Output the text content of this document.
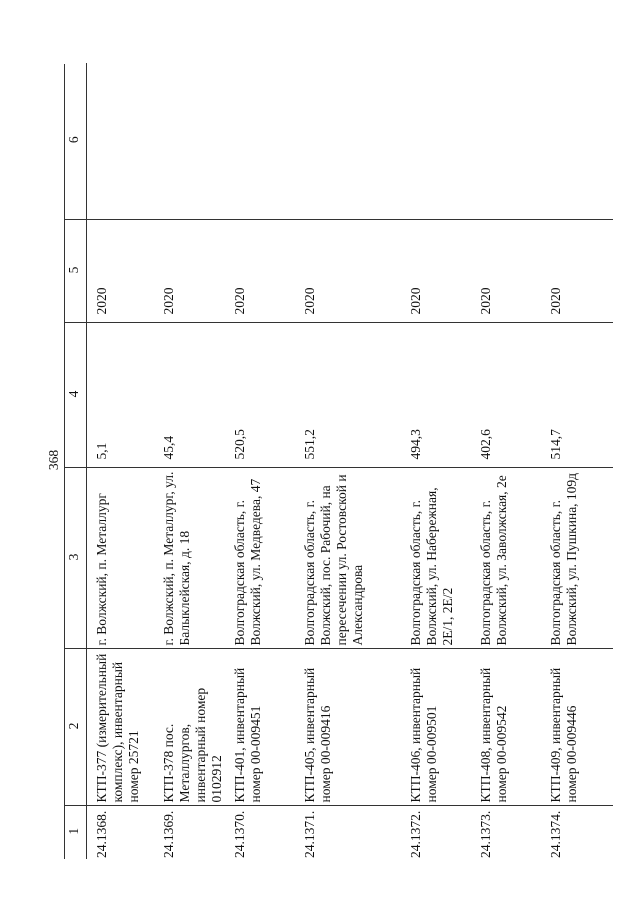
368
1	2	3	4	5	6
24.1368.	КТП-377 (измерительный комплекс), инвентарный номер 25721	г. Волжский, п. Металлург	5,1	2020	
24.1369.	КТП-378 пос. Металлургов, инвентарный номер 0102912	г. Волжский, п. Металлург, ул. Балыклейская, д. 18	45,4	2020	
24.1370.	КТП-401, инвентарный номер 00-009451	Волгоградская область, г. Волжский, ул. Медведева, 47	520,5	2020	
24.1371.	КТП-405, инвентарный номер 00-009416	Волгоградская область, г. Волжский, пос. Рабочий, на пересечении ул. Ростовской и Александрова	551,2	2020	
24.1372.	КТП-406, инвентарный номер 00-009501	Волгоградская область, г. Волжский, ул. Набережная, 2Е/1, 2Е/2	494,3	2020	
24.1373.	КТП-408, инвентарный номер 00-009542	Волгоградская область, г. Волжский, ул. Заволжская, 2е	402,6	2020	
24.1374.	КТП-409, инвентарный номер 00-009446	Волгоградская область, г. Волжский, ул. Пушкина, 109д	514,7	2020	
